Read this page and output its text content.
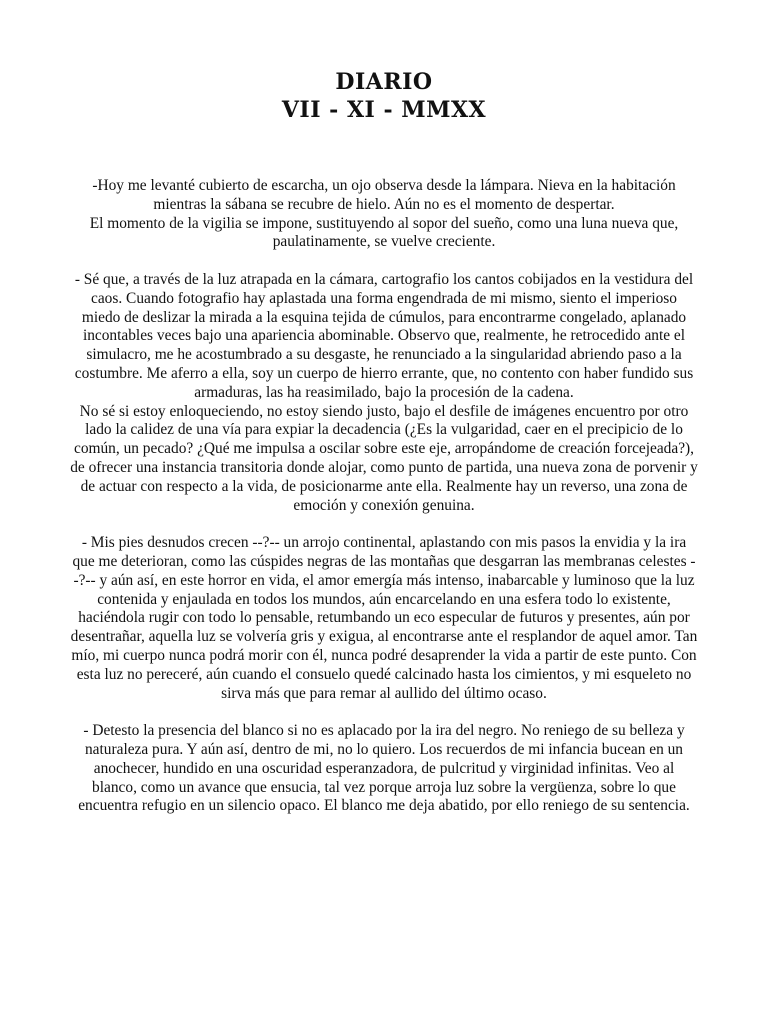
DIARIO
VII - XI - MMXX

-Hoy me levanté cubierto de escarcha, un ojo observa desde la lámpara. Nieva en la habitación mientras la sábana se recubre de hielo. Aún no es el momento de despertar.

El momento de la vigilia se impone, sustituyendo al sopor del sueño, como una luna nueva que, paulatinamente, se vuelve creciente.

- Sé que, a través de la luz atrapada en la cámara, cartografio los cantos cobijados en la vestidura del caos. Cuando fotografio hay aplastada una forma engendrada de mi mismo, siento el imperioso miedo de deslizar la mirada a la esquina tejida de cúmulos, para encontrarme congelado, aplanado incontables veces bajo una apariencia abominable. Observo que, realmente, he retrocedido ante el simulacro, me he acostumbrado a su desgaste, he renunciado a la singularidad abriendo paso a la costumbre. Me aferro a ella, soy un cuerpo de hierro errante, que, no contento con haber fundido sus armaduras, las ha reasimilado, bajo la procesión de la cadena.

No sé si estoy enloqueciendo, no estoy siendo justo, bajo el desfile de imágenes encuentro por otro lado la calidez de una vía para expiar la decadencia (¿Es la vulgaridad, caer en el precipicio de lo común, un pecado? ¿Qué me impulsa a oscilar sobre este eje, arropándome de creación forcejeada?), de ofrecer una instancia transitoria donde alojar, como punto de partida, una nueva zona de porvenir y de actuar con respecto a la vida, de posicionarme ante ella. Realmente hay un reverso, una zona de emoción y conexión genuina.

- Mis pies desnudos crecen --?-- un arrojo continental, aplastando con mis pasos la envidia y la ira que me deterioran, como las cúspides negras de las montañas que desgarran las membranas celestes --?-- y aún así, en este horror en vida, el amor emergía más intenso, inabarcable y luminoso que la luz contenida y enjaulada en todos los mundos, aún encarcelando en una esfera todo lo existente, haciéndola rugir con todo lo pensable, retumbando un eco especular de futuros y presentes, aún por desentrañar, aquella luz se volvería gris y exigua, al encontrarse ante el resplandor de aquel amor. Tan mío, mi cuerpo nunca podrá morir con él, nunca podré desaprender la vida a partir de este punto. Con esta luz no pereceré, aún cuando el consuelo quedé calcinado hasta los cimientos, y mi esqueleto no sirva más que para remar al aullido del último ocaso.

- Detesto la presencia del blanco si no es aplacado por la ira del negro. No reniego de su belleza y naturaleza pura. Y aún así, dentro de mi, no lo quiero. Los recuerdos de mi infancia bucean en un anochecer, hundido en una oscuridad esperanzadora, de pulcritud y virginidad infinitas. Veo al blanco, como un avance que ensucia, tal vez porque arroja luz sobre la vergüenza, sobre lo que encuentra refugio en un silencio opaco. El blanco me deja abatido, por ello reniego de su sentencia.
